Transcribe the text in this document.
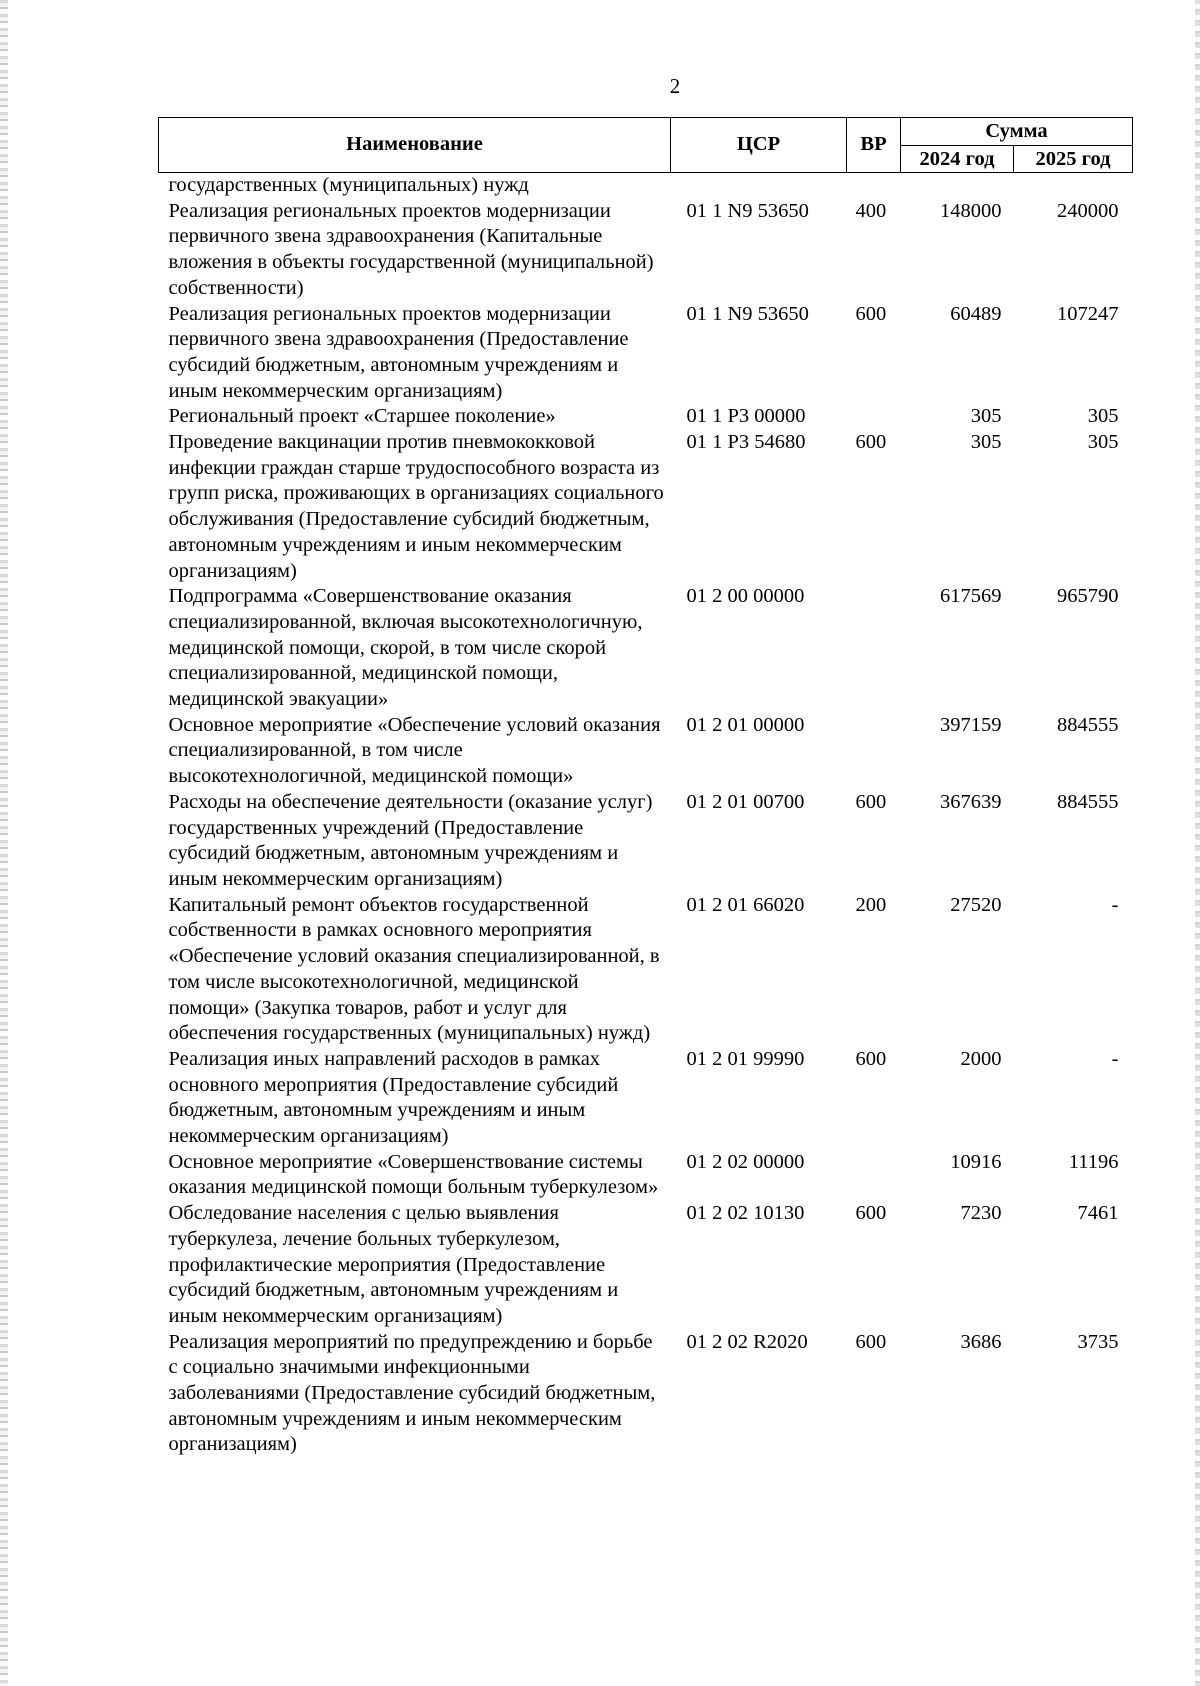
2
Наименование	ЦСР	ВР	Сумма	
			2024 год	2025 год
государственных (муниципальных) нужд				
Реализация региональных проектов модернизации первичного звена здравоохранения (Капитальные вложения в объекты государственной (муниципальной) собственности)	01 1 N9 53650	400	148000	240000
Реализация региональных проектов модернизации первичного звена здравоохранения (Предоставление субсидий бюджетным, автономным учреждениям и иным некоммерческим организациям)	01 1 N9 53650	600	60489	107247
Региональный проект «Старшее поколение»	01 1 P3 00000		305	305
Проведение вакцинации против пневмококковой инфекции граждан старше трудоспособного возраста из групп риска, проживающих в организациях социального обслуживания (Предоставление субсидий бюджетным, автономным учреждениям и иным некоммерческим организациям)	01 1 P3 54680	600	305	305
Подпрограмма «Совершенствование оказания специализированной, включая высокотехнологичную, медицинской помощи, скорой, в том числе скорой специализированной, медицинской помощи, медицинской эвакуации»	01 2 00 00000		617569	965790
Основное мероприятие «Обеспечение условий оказания специализированной, в том числе высокотехнологичной, медицинской помощи»	01 2 01 00000		397159	884555
Расходы на обеспечение деятельности (оказание услуг) государственных учреждений (Предоставление субсидий бюджетным, автономным учреждениям и иным некоммерческим организациям)	01 2 01 00700	600	367639	884555
Капитальный ремонт объектов государственной собственности в рамках основного мероприятия «Обеспечение условий оказания специализированной, в том числе высокотехнологичной, медицинской помощи» (Закупка товаров, работ и услуг для обеспечения государственных (муниципальных) нужд)	01 2 01 66020	200	27520	-
Реализация иных направлений расходов в рамках основного мероприятия (Предоставление субсидий бюджетным, автономным учреждениям и иным некоммерческим организациям)	01 2 01 99990	600	2000	-
Основное мероприятие «Совершенствование системы оказания медицинской помощи больным туберкулезом»	01 2 02 00000		10916	11196
Обследование населения с целью выявления туберкулеза, лечение больных туберкулезом, профилактические мероприятия (Предоставление субсидий бюджетным, автономным учреждениям и иным некоммерческим организациям)	01 2 02 10130	600	7230	7461
Реализация мероприятий по предупреждению и борьбе с социально значимыми инфекционными заболеваниями (Предоставление субсидий бюджетным, автономным учреждениям и иным некоммерческим организациям)	01 2 02 R2020	600	3686	3735
